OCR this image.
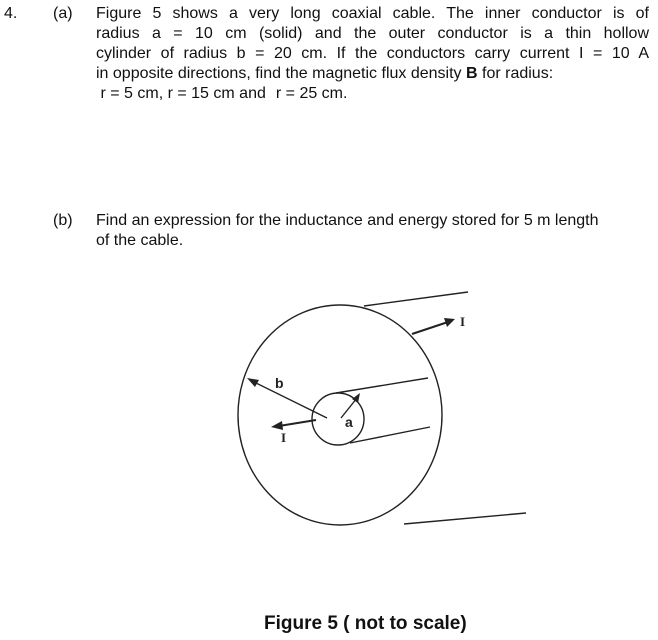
4. (a) Figure 5 shows a very long coaxial cable. The inner conductor is of
radius a = 10 cm (solid) and the outer conductor is a thin hollow
cylinder of radius b = 20 cm. If the conductors carry current I = 10 A
in opposite directions, find the magnetic flux density B for radius:
r = 5 cm, r = 15 cm and r = 25 cm.
(b) Find an expression for the inductance and energy stored for 5 m length
of the cable.
b
a
I
I
Figure 5 ( not to scale)
